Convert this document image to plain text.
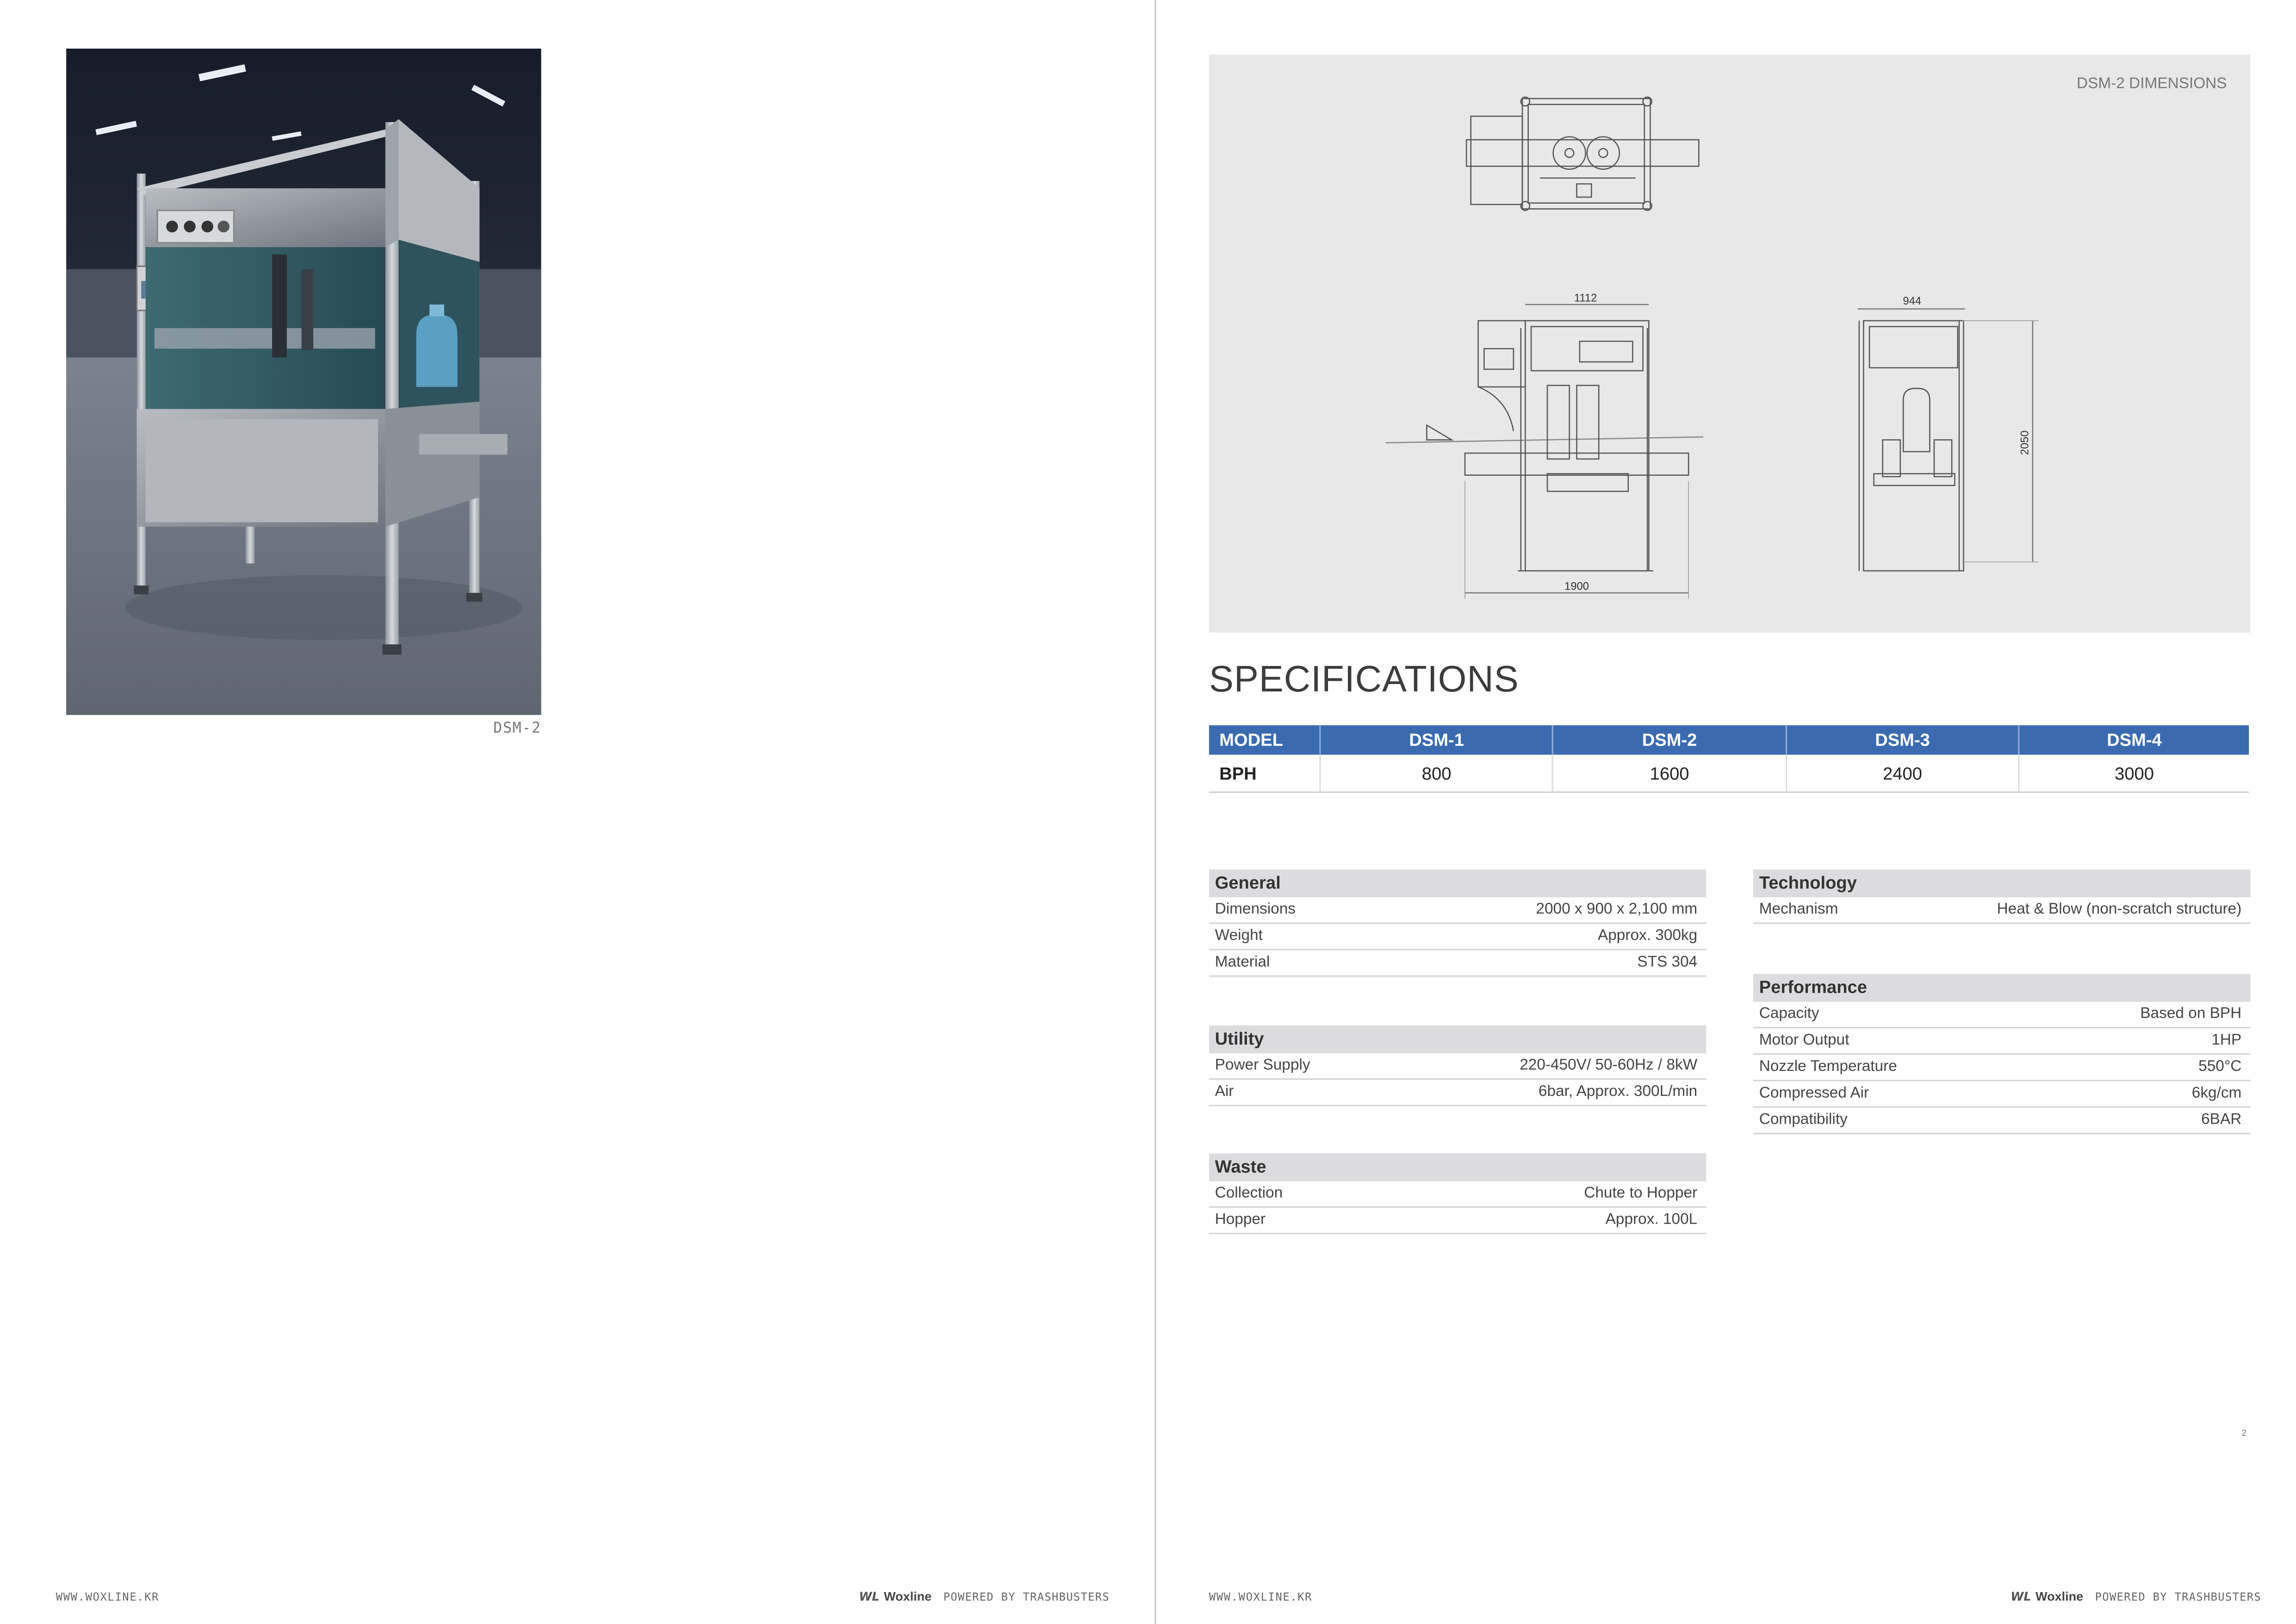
DSM-2
WWW.WOXLINE.KR	WL Woxline	POWERED BY TRASHBUSTERS
1112	944
1900
2050
DSM-2 DIMENSIONS
SPECIFICATIONS
MODEL	DSM-1	DSM-2	DSM-3	DSM-4
BPH	800	1600	2400	3000
General
Dimensions	2000 x 900 x 2,100 mm
Weight	Approx. 300kg
Material	STS 304
Utility
Power Supply	220-450V/ 50-60Hz / 8kW
Air	6bar, Approx. 300L/min
Waste
Collection	Chute to Hopper
Hopper	Approx. 100L
Technology
Mechanism	Heat & Blow (non-scratch structure)
Performance
Capacity	Based on BPH
Motor Output	1HP
Nozzle Temperature	550°C
Compressed Air	6kg/cm
Compatibility	6BAR
2
WWW.WOXLINE.KR	WL Woxline	POWERED BY TRASHBUSTERS
